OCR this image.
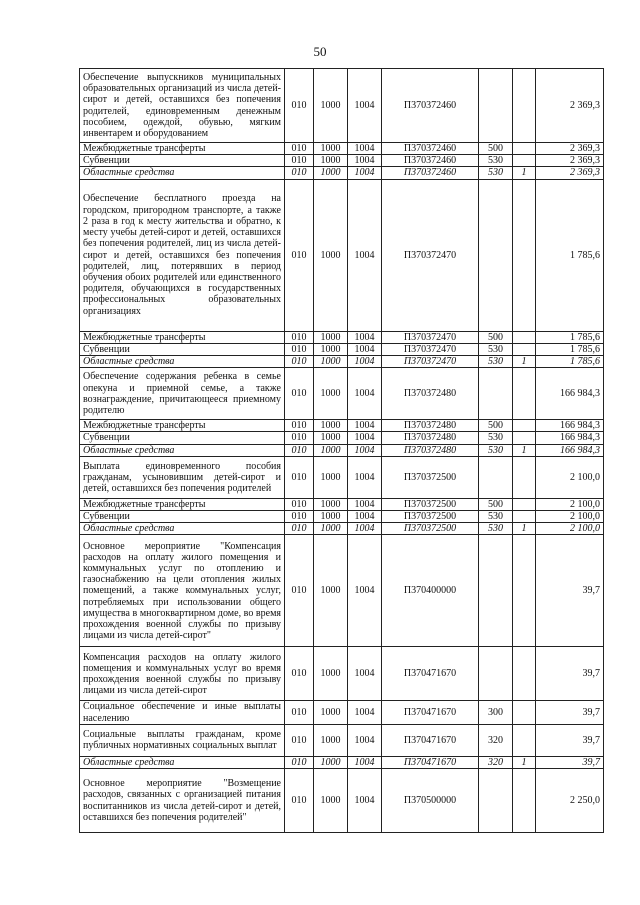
50
Обеспечение выпускников муниципальных образовательных организаций из числа детей-сирот и детей, оставшихся без попечения родителей, единовременным денежным пособием, одеждой, обувью, мягким инвентарем и оборудованием	010	1000	1004	П370372460			2 369,3
Межбюджетные трансферты	010	1000	1004	П370372460	500		2 369,3
Субвенции	010	1000	1004	П370372460	530		2 369,3
Областные средства	010	1000	1004	П370372460	530	1	2 369,3
Обеспечение бесплатного проезда на городском, пригородном транспорте, а также 2 раза в год к месту жительства и обратно, к месту учебы детей-сирот и детей, оставшихся без попечения родителей, лиц из числа детей-сирот и детей, оставшихся без попечения родителей, лиц, потерявших в период обучения обоих родителей или единственного родителя, обучающихся в государственных профессиональных образовательных организациях	010	1000	1004	П370372470			1 785,6
Межбюджетные трансферты	010	1000	1004	П370372470	500		1 785,6
Субвенции	010	1000	1004	П370372470	530		1 785,6
Областные средства	010	1000	1004	П370372470	530	1	1 785,6
Обеспечение содержания ребенка в семье опекуна и приемной семье, а также вознаграждение, причитающееся приемному родителю	010	1000	1004	П370372480			166 984,3
Межбюджетные трансферты	010	1000	1004	П370372480	500		166 984,3
Субвенции	010	1000	1004	П370372480	530		166 984,3
Областные средства	010	1000	1004	П370372480	530	1	166 984,3
Выплата единовременного пособия гражданам, усыновившим детей-сирот и детей, оставшихся без попечения родителей	010	1000	1004	П370372500			2 100,0
Межбюджетные трансферты	010	1000	1004	П370372500	500		2 100,0
Субвенции	010	1000	1004	П370372500	530		2 100,0
Областные средства	010	1000	1004	П370372500	530	1	2 100,0
Основное мероприятие "Компенсация расходов на оплату жилого помещения и коммунальных услуг по отоплению и газоснабжению на цели отопления жилых помещений, а также коммунальных услуг, потребляемых при использовании общего имущества в многоквартирном доме, во время прохождения военной службы по призыву лицами из числа детей-сирот"	010	1000	1004	П370400000			39,7
Компенсация расходов на оплату жилого помещения и коммунальных услуг во время прохождения военной службы по призыву лицами из числа детей-сирот	010	1000	1004	П370471670			39,7
Социальное обеспечение и иные выплаты населению	010	1000	1004	П370471670	300		39,7
Социальные выплаты гражданам, кроме публичных нормативных социальных выплат	010	1000	1004	П370471670	320		39,7
Областные средства	010	1000	1004	П370471670	320	1	39,7
Основное мероприятие "Возмещение расходов, связанных с организацией питания воспитанников из числа детей-сирот и детей, оставшихся без попечения родителей"	010	1000	1004	П370500000			2 250,0
